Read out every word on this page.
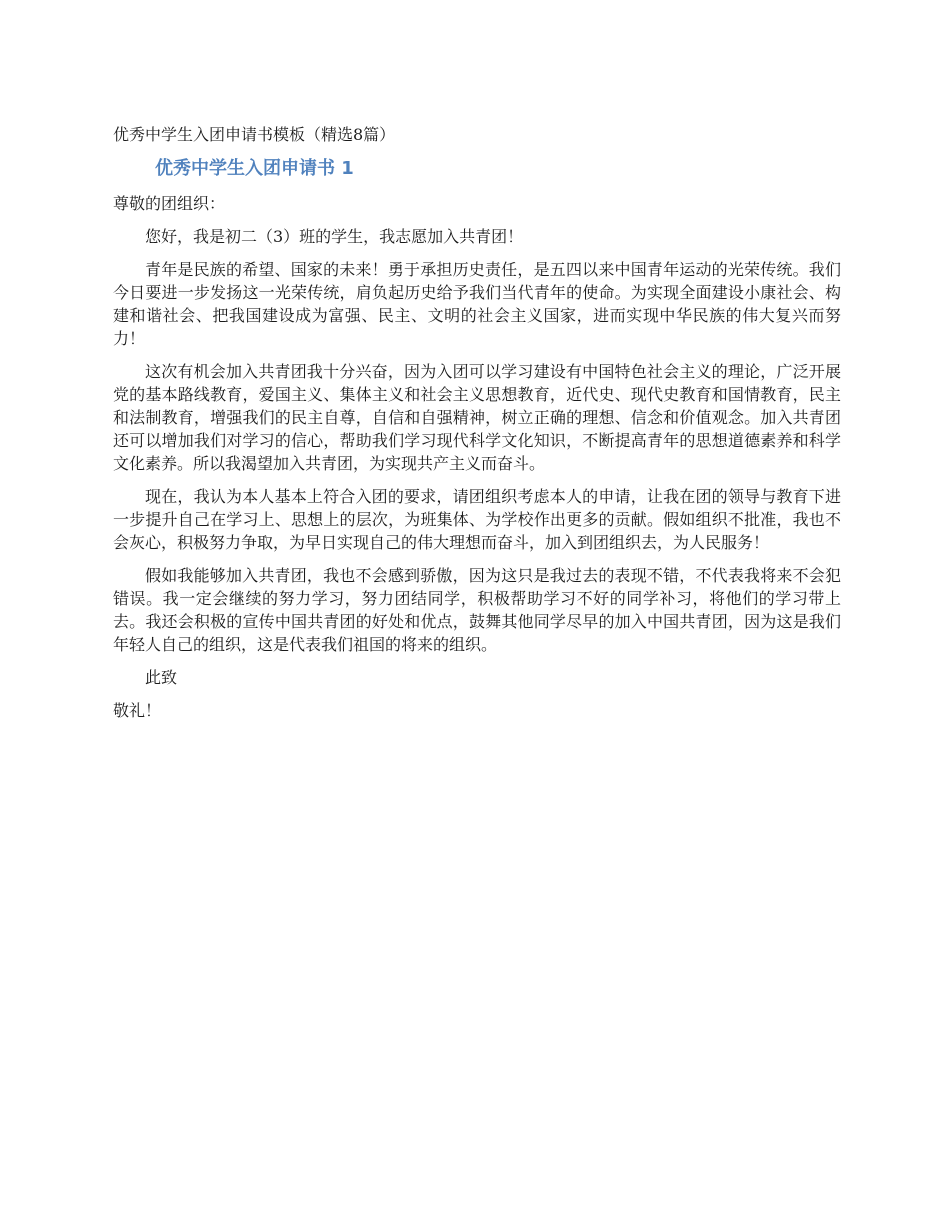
优秀中学生入团申请书模板（精选8篇）
优秀中学生入团申请书 1
尊敬的团组织：

您好，我是初二（3）班的学生，我志愿加入共青团！

青年是民族的希望、国家的未来！勇于承担历史责任，是五四以来中国青年运动的光荣传统。我们今日要进一步发扬这一光荣传统，肩负起历史给予我们当代青年的使命。为实现全面建设小康社会、构建和谐社会、把我国建设成为富强、民主、文明的社会主义国家，进而实现中华民族的伟大复兴而努力！

这次有机会加入共青团我十分兴奋，因为入团可以学习建设有中国特色社会主义的理论，广泛开展党的基本路线教育，爱国主义、集体主义和社会主义思想教育，近代史、现代史教育和国情教育，民主和法制教育，增强我们的民主自尊，自信和自强精神，树立正确的理想、信念和价值观念。加入共青团还可以增加我们对学习的信心，帮助我们学习现代科学文化知识，不断提高青年的思想道德素养和科学文化素养。所以我渴望加入共青团，为实现共产主义而奋斗。

现在，我认为本人基本上符合入团的要求，请团组织考虑本人的申请，让我在团的领导与教育下进一步提升自己在学习上、思想上的层次，为班集体、为学校作出更多的贡献。假如组织不批准，我也不会灰心，积极努力争取，为早日实现自己的伟大理想而奋斗，加入到团组织去，为人民服务！

假如我能够加入共青团，我也不会感到骄傲，因为这只是我过去的表现不错，不代表我将来不会犯错误。我一定会继续的努力学习，努力团结同学，积极帮助学习不好的同学补习，将他们的学习带上去。我还会积极的宣传中国共青团的好处和优点，鼓舞其他同学尽早的加入中国共青团，因为这是我们年轻人自己的组织，这是代表我们祖国的将来的组织。

此致

敬礼！
